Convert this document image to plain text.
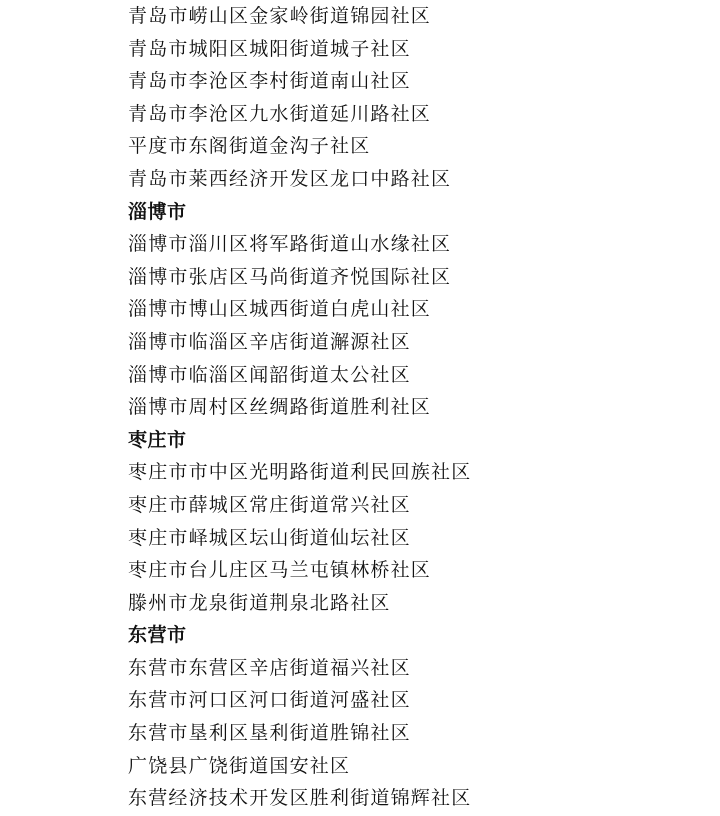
青岛市崂山区金家岭街道锦园社区
青岛市城阳区城阳街道城子社区
青岛市李沧区李村街道南山社区
青岛市李沧区九水街道延川路社区
平度市东阁街道金沟子社区
青岛市莱西经济开发区龙口中路社区
淄博市
淄博市淄川区将军路街道山水缘社区
淄博市张店区马尚街道齐悦国际社区
淄博市博山区城西街道白虎山社区
淄博市临淄区辛店街道澥源社区
淄博市临淄区闻韶街道太公社区
淄博市周村区丝绸路街道胜利社区
枣庄市
枣庄市市中区光明路街道利民回族社区
枣庄市薛城区常庄街道常兴社区
枣庄市峄城区坛山街道仙坛社区
枣庄市台儿庄区马兰屯镇林桥社区
滕州市龙泉街道荆泉北路社区
东营市
东营市东营区辛店街道福兴社区
东营市河口区河口街道河盛社区
东营市垦利区垦利街道胜锦社区
广饶县广饶街道国安社区
东营经济技术开发区胜利街道锦辉社区
